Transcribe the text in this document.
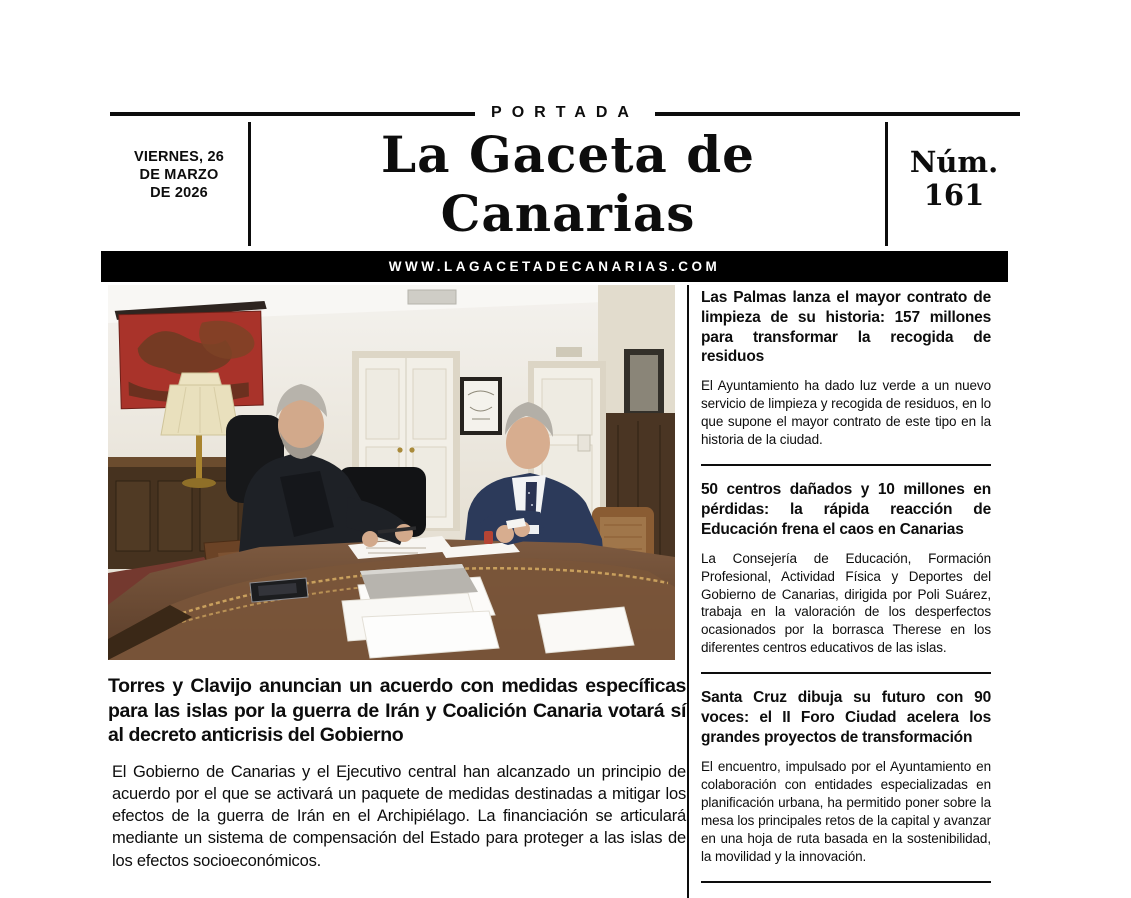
PORTADA
VIERNES, 26
DE MARZO
DE 2026
La Gaceta de Canarias
Núm.
161
WWW.LAGACETADECANARIAS.COM
Torres y Clavijo anuncian un acuerdo con medidas específicas para las islas por la guerra de Irán y Coalición Canaria votará sí al decreto anticrisis del Gobierno

El Gobierno de Canarias y el Ejecutivo central han alcanzado un principio de acuerdo por el que se activará un paquete de medidas destinadas a mitigar los efectos de la guerra de Irán en el Archipiélago. La financiación se articulará mediante un sistema de compensación del Estado para proteger a las islas de los efectos socioeconómicos.

Las Palmas lanza el mayor contrato de limpieza de su historia: 157 millones para transformar la recogida de residuos

El Ayuntamiento ha dado luz verde a un nuevo servicio de limpieza y recogida de residuos, en lo que supone el mayor contrato de este tipo en la historia de la ciudad.

50 centros dañados y 10 millones en pérdidas: la rápida reacción de Educación frena el caos en Canarias

La Consejería de Educación, Formación Profesional, Actividad Física y Deportes del Gobierno de Canarias, dirigida por Poli Suárez, trabaja en la valoración de los desperfectos ocasionados por la borrasca Therese en los diferentes centros educativos de las islas.

Santa Cruz dibuja su futuro con 90 voces: el II Foro Ciudad acelera los grandes proyectos de transformación

El encuentro, impulsado por el Ayuntamiento en colaboración con entidades especializadas en planificación urbana, ha permitido poner sobre la mesa los principales retos de la capital y avanzar en una hoja de ruta basada en la sostenibilidad, la movilidad y la innovación.
